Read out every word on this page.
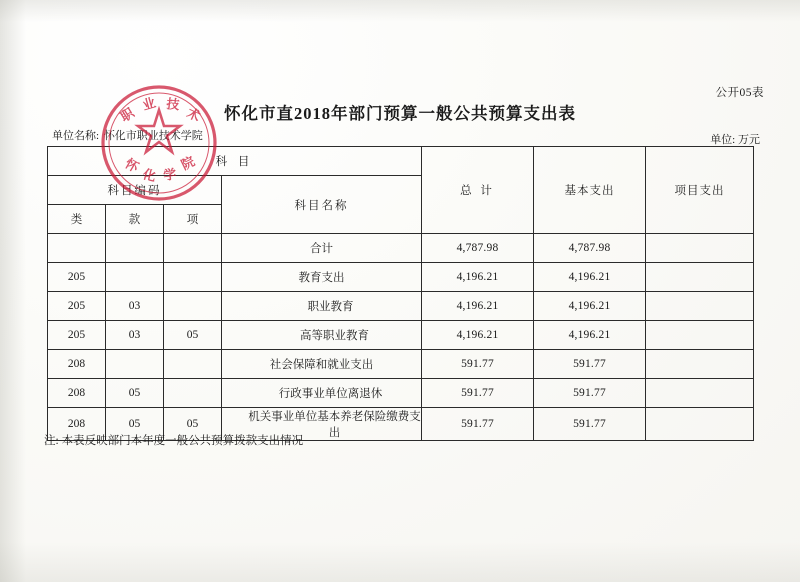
公开05表
怀化市直2018年部门预算一般公共预算支出表
单位名称: 怀化市职业技术学院	单位: 万元
科 目				总 计	基本支出	项目支出
科目编码			科目名称			
类	款	项				
			合计	4,787.98	4,787.98	
205			教育支出	4,196.21	4,196.21	
205	03		职业教育	4,196.21	4,196.21	
205	03	05	高等职业教育	4,196.21	4,196.21	
208			社会保障和就业支出	591.77	591.77	
208	05		行政事业单位离退休	591.77	591.77	
208	05	05	机关事业单位基本养老保险缴费支出	591.77	591.77	
注: 本表反映部门本年度一般公共预算拨款支出情况
职
业 技
术
怀
化 学
院
